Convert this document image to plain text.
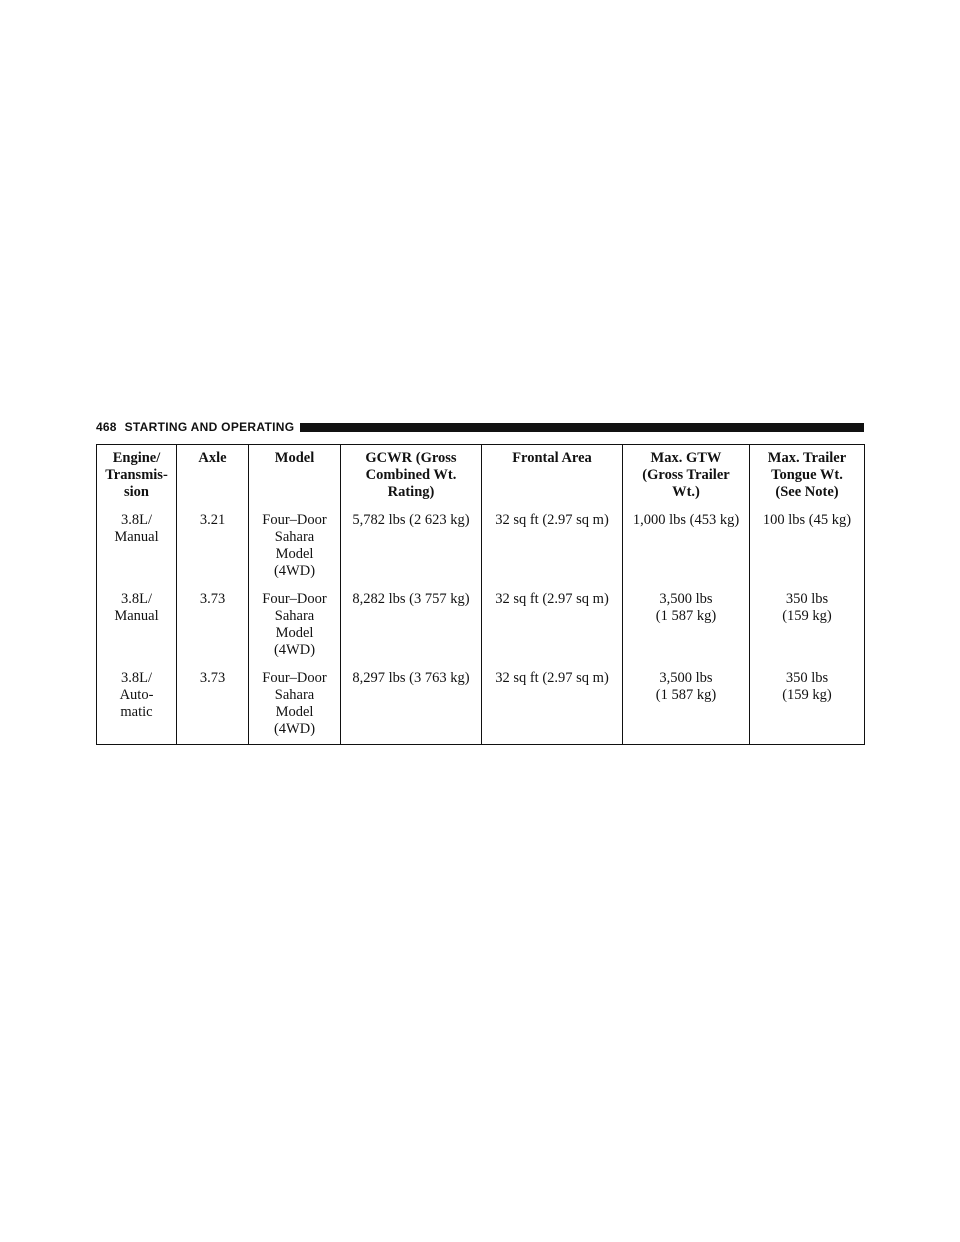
468 STARTING AND OPERATING
Engine/
Transmis-
sion	Axle	Model	GCWR (Gross
Combined Wt.
Rating)	Frontal Area	Max. GTW
(Gross Trailer
Wt.)	Max. Trailer
Tongue Wt.
(See Note)

3.8L/
Manual	3.21	Four–Door
Sahara
Model
(4WD)	5,782 lbs (2 623 kg)	32 sq ft (2.97 sq m)	1,000 lbs (453 kg)	100 lbs (45 kg)

3.8L/
Manual	3.73	Four–Door
Sahara
Model
(4WD)	8,282 lbs (3 757 kg)	32 sq ft (2.97 sq m)	3,500 lbs
(1 587 kg)	350 lbs
(159 kg)

3.8L/
Auto-
matic	3.73	Four–Door
Sahara
Model
(4WD)	8,297 lbs (3 763 kg)	32 sq ft (2.97 sq m)	3,500 lbs
(1 587 kg)	350 lbs
(159 kg)
